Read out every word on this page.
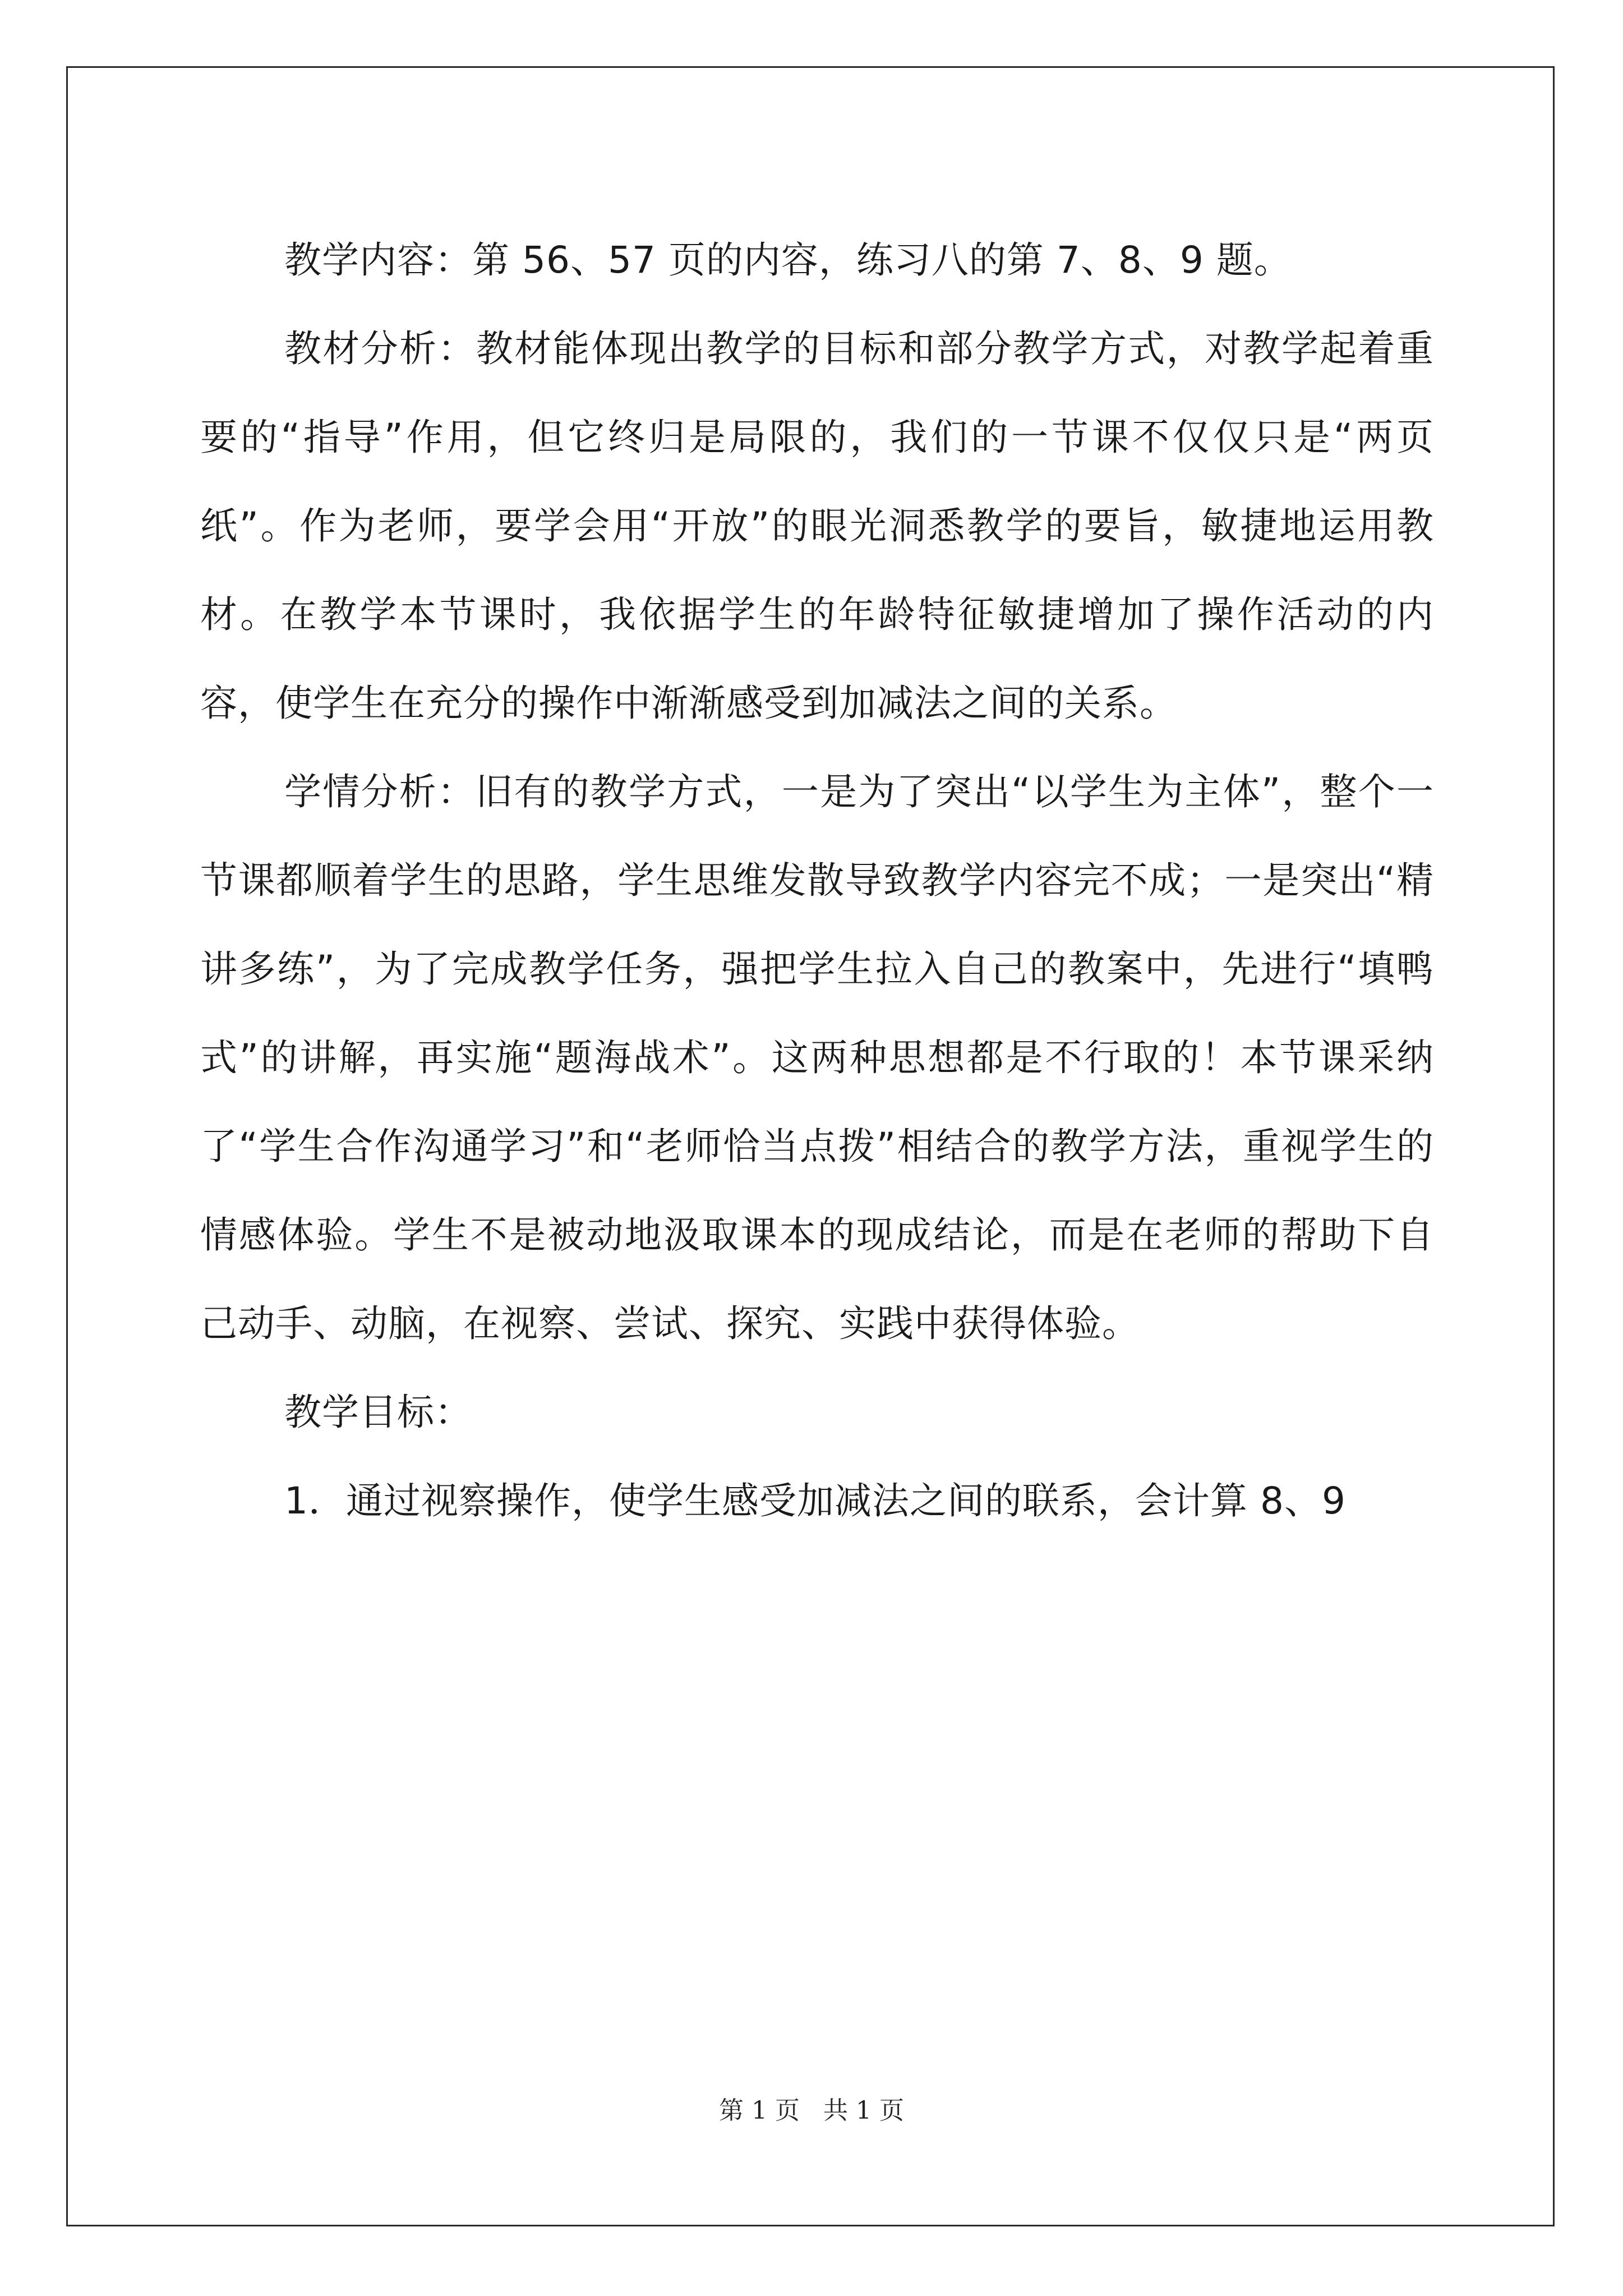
教学内容：第 56、57 页的内容，练习八的第 7、8、9 题。

教材分析：教材能体现出教学的目标和部分教学方式，对教学起着重要的“指导”作用，但它终归是局限的，我们的一节课不仅仅只是“两页纸”。作为老师，要学会用“开放”的眼光洞悉教学的要旨，敏捷地运用教材。在教学本节课时，我依据学生的年龄特征敏捷增加了操作活动的内容，使学生在充分的操作中渐渐感受到加减法之间的关系。

学情分析：旧有的教学方式，一是为了突出“以学生为主体”，整个一节课都顺着学生的思路，学生思维发散导致教学内容完不成；一是突出“精讲多练”，为了完成教学任务，强把学生拉入自己的教案中，先进行“填鸭式”的讲解，再实施“题海战术”。这两种思想都是不行取的！本节课采纳了“学生合作沟通学习”和“老师恰当点拨”相结合的教学方法，重视学生的情感体验。学生不是被动地汲取课本的现成结论，而是在老师的帮助下自己动手、动脑，在视察、尝试、探究、实践中获得体验。

教学目标：

1．通过视察操作，使学生感受加减法之间的联系，会计算 8、9

第 1 页 共 1 页
